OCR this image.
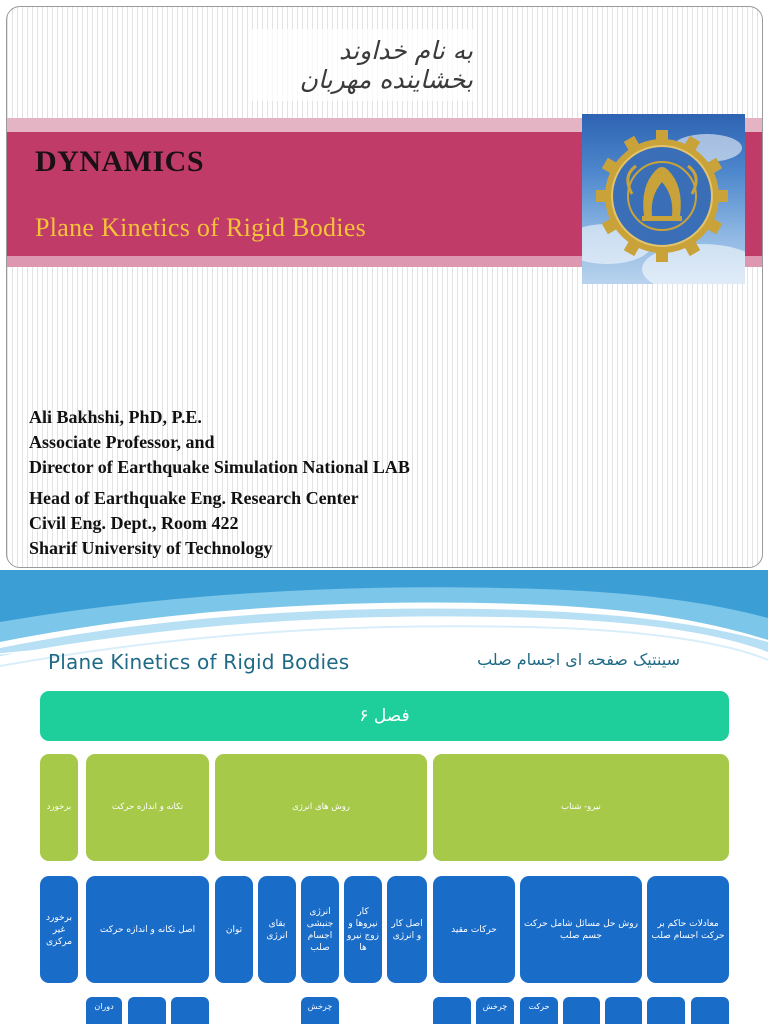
به نام خداوند بخشاینده مهربان
DYNAMICS
Plane Kinetics of Rigid Bodies
Ali Bakhshi, PhD, P.E.
Associate Professor, and
Director of Earthquake Simulation National LAB
Head of Earthquake Eng. Research Center
Civil Eng. Dept., Room 422
Sharif University of Technology
Plane Kinetics of Rigid Bodies	سینتیک صفحه ای اجسام صلب
فصل ۶
برخورد	تکانه و اندازه حرکت	روش های انرژی	نیرو- شتاب
برخورد غیر مرکزی
اصل تکانه و اندازه حرکت	توان
بقای انرژی
انرژی جنبشی اجسام صلب
کار نیروها و زوج نیرو ها
اصل کار و انرژی
حرکات مقید
روش حل مسائل شامل حرکت جسم صلب
معادلات حاکم بر حرکت اجسام صلب
دوران	چرخش	چرخش	حرکت
